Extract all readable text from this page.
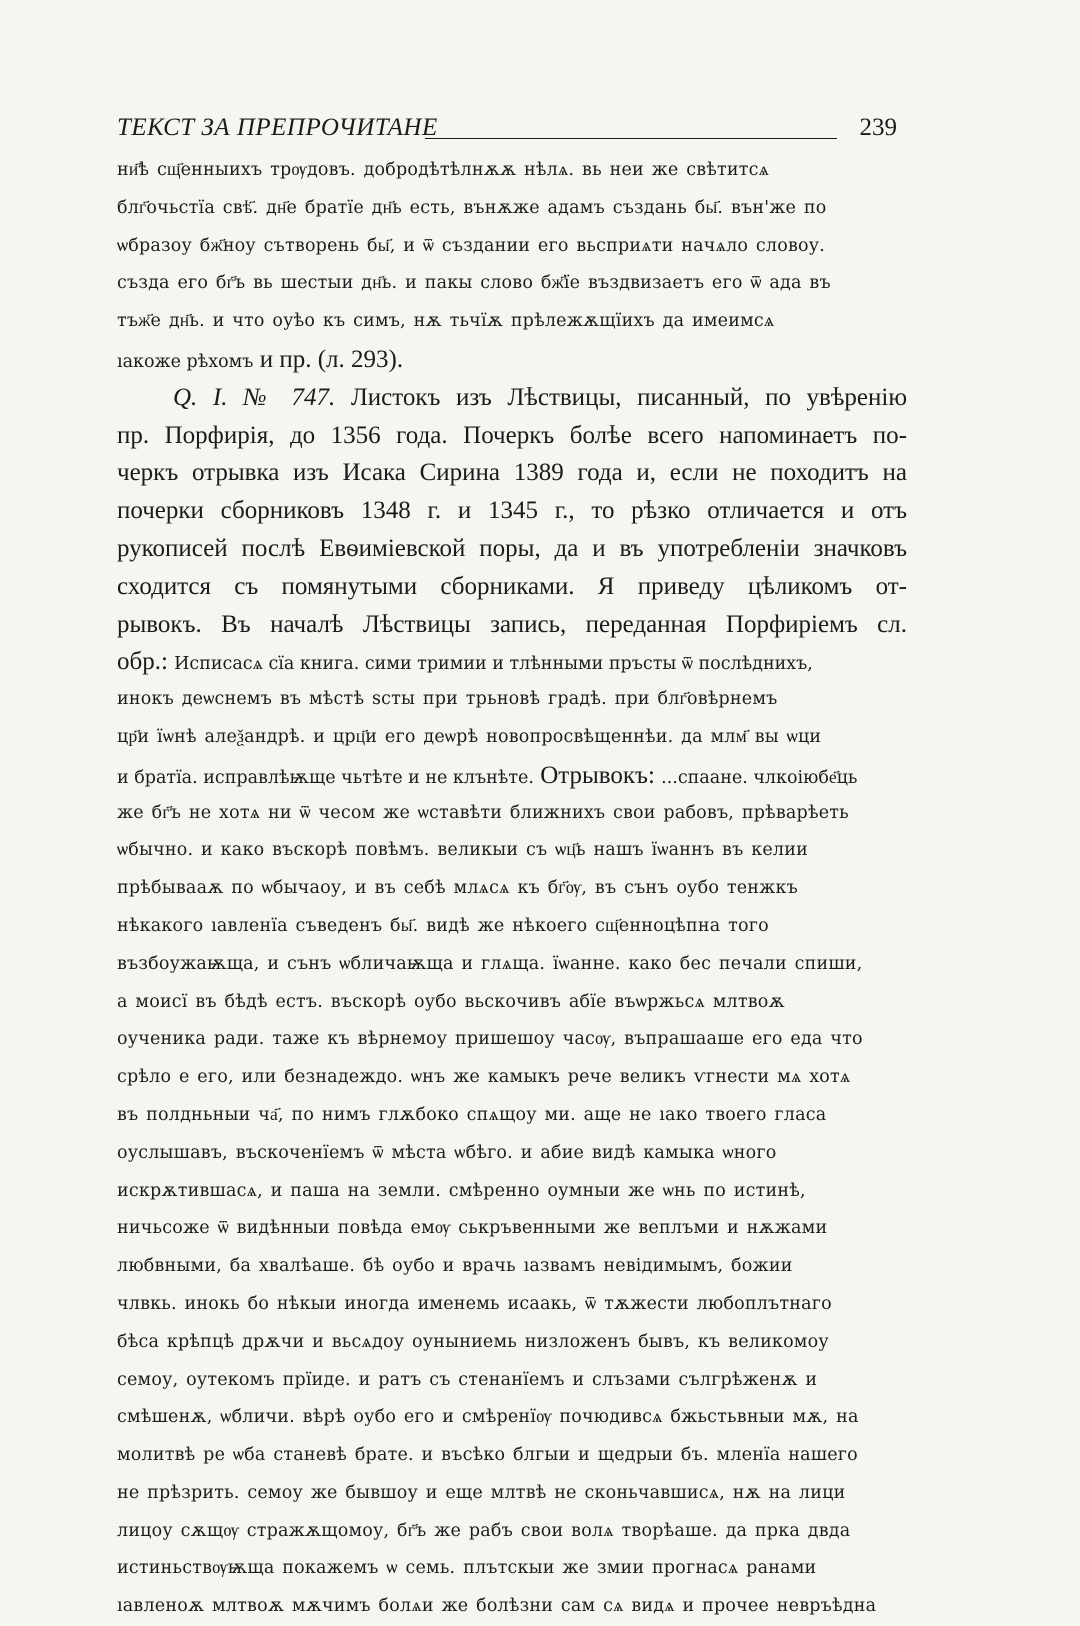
ТЕКСТ ЗА ПРЕПРОЧИТАНЕ	239
ни҃ѣ сщ҃енныихъ трѹдовъ. добродѣтѣлнѫѫ нѣлѧ. вь неи же свѣтитсѧ
блг҃очьстїа свѣ҃. дн҃е братїе дн҃ь есть, вънѫже адамъ създань бы҃. вън'же по
ѡбразоу бж҃ноу сътворень бы҃, и ѿ създании его вьсприѧти начѧло словоу.
създа его бг҃ъ вь шестыи дн҃ь. и пакы слово бж҃їе въздвизаетъ его ѿ ада въ
тъж҃е дн҃ь. и что оуѣо къ симъ, нѫ тьчїѫ прѣлежѫщїихъ да имеимсѧ
ıакоже рѣхомъ и пр. (л. 293).
Q. I. № 747. Листокъ изъ Лѣствицы, писанный, по увѣренію
пр. Порфирія, до 1356 года. Почеркъ болѣе всего напоминаетъ по-
черкъ отрывка изъ Исака Сирина 1389 года и, если не походитъ на
почерки сборниковъ 1348 г. и 1345 г., то рѣзко отличается и отъ
рукописей послѣ Евѳиміевской поры, да и въ употребленіи значковъ
сходится съ помянутыми сборниками. Я приведу цѣликомъ от-
рывокъ. Въ началѣ Лѣствицы запись, переданная Порфиріемъ сл.
обр.: Исписасѧ сїа книга. сими тримии и тлѣнными пръсты ѿ послѣднихъ,
инокъ деѡснемъ въ мѣстѣ ѕсты при трьновѣ градѣ. при блг҃овѣрнемъ
цр҃и їѡнѣ алеѯандрѣ. и црц҃и его деѡрѣ новопросвѣщеннѣи. да млм҃ вы ѡци
и братїа. исправлѣѭще чьтѣте и не клънѣте. Отрывокъ: ...спаане. члкоiюбе҃ць
же бг҃ъ не хотѧ ни ѿ чесом же ѡставѣти ближнихъ свои рабовъ, прѣварѣеть
ѡбычно. и како въскорѣ повѣмъ. великыи съ ѡц҃ь нашъ їѡаннъ въ келии
прѣбывааѫ по ѡбычаоу, и въ себѣ млѧсѧ къ бг҃ѹ, въ сънъ оубо тенжкъ
нѣкакого ıавленїа съведенъ бы҃. видѣ же нѣкоего сщ҃енноцѣпна того
възбоужаѭща, и сънъ ѡбличаѭща и глѧща. їѡанне. како бес печали спиши,
а моисї въ бѣдѣ естъ. въскорѣ оубо вьскочивъ абїе въѡржьсѧ млтвоѫ
оученика ради. таже къ вѣрнемоу пришешоу часѹ, въпрашааше его еда что
срѣло е его, или безнадеждо. ѡнъ же камыкъ рече великъ ѵгнести мѧ хотѧ
въ полдньныи ча҃, по нимъ глѫбоко спѧщоу ми. аще не ıако твоего гласа
оуслышавъ, въскоченїемъ ѿ мѣста ѡбѣго. и абие видѣ камыка ѡного
искрѫтившасѧ, и паша на земли. смѣренно оумныи же ѡнь по истинѣ,
ничьсоже ѿ видѣнныи повѣда емѹ ськръвенными же веплъми и нѫжами
любвными, ба хвалѣаше. бѣ оубо и врачь ıазвамъ невідимымъ, божии
члвкь. инокь бо нѣкыи иногда именемь исаакь, ѿ тѫжести любоплътнаго
бѣса крѣпцѣ дрѫчи и вьсѧдоу оуныниемь низложенъ бывъ, къ великомоу
семоу, оутекомъ прїиде. и ратъ съ стенанїемъ и слъзами сългрѣженѫ и
смѣшенѫ, ѡбличи. вѣрѣ оубо его и смѣренїѹ почюдивсѧ бжьстьвныи мѫ, на
молитвѣ ре ѡба станевѣ брате. и въсѣко блгыи и щедрыи бъ. мленїа нашего
не прѣзрить. семоу же бывшоу и еще млтвѣ не сконьчавшисѧ, нѫ на лици
лицоу сѫщѹ стражѫщомоу, бг҃ъ же рабъ свои волѧ творѣаше. да прка двда
истиньствѹѭща покажемъ ѡ семь. плътскыи же змии прогнасѧ ранами
ıавленоѫ млтвоѫ мѫчимъ болѧи же болѣзни сам сѧ видѧ и прочее невръѣдна
